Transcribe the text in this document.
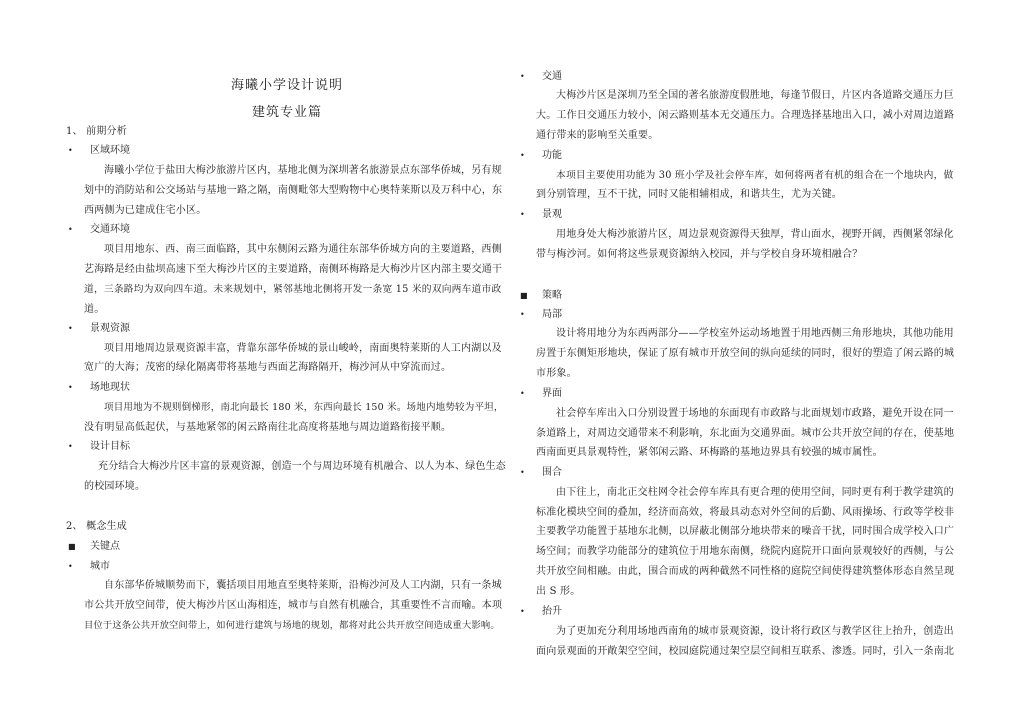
海曦小学设计说明
建筑专业篇
1、 前期分析
• 区域环境
海曦小学位于盐田大梅沙旅游片区内，基地北侧为深圳著名旅游景点东部华侨城，另有规
划中的消防站和公交场站与基地一路之隔，南侧毗邻大型购物中心奥特莱斯以及万科中心，东
西两侧为已建成住宅小区。
• 交通环境
项目用地东、西、南三面临路，其中东侧闲云路为通往东部华侨城方向的主要道路，西侧
艺海路是经由盐坝高速下至大梅沙片区的主要道路，南侧环梅路是大梅沙片区内部主要交通干
道，三条路均为双向四车道。未来规划中，紧邻基地北侧将开发一条宽 15 米的双向两车道市政
道。
• 景观资源
项目用地周边景观资源丰富，背靠东部华侨城的景山峻岭，南面奥特莱斯的人工内湖以及
宽广的大海；茂密的绿化隔离带将基地与西面艺海路隔开，梅沙河从中穿流而过。
• 场地现状
项目用地为不规则倒梯形，南北向最长 180 米，东西向最长 150 米。场地内地势较为平坦，
没有明显高低起伏，与基地紧邻的闲云路南往北高度将基地与周边道路衔接平顺。
• 设计目标
充分结合大梅沙片区丰富的景观资源，创造一个与周边环境有机融合、以人为本、绿色生态
的校园环境。
2、 概念生成
■ 关键点
• 城市
自东部华侨城顺势而下，囊括项目用地直至奥特莱斯，沿梅沙河及人工内湖，只有一条城
市公共开放空间带，使大梅沙片区山海相连，城市与自然有机融合，其重要性不言而喻。本项
目位于这条公共开放空间带上，如何进行建筑与场地的规划，都将对此公共开放空间造成重大影响。
• 交通
大梅沙片区是深圳乃至全国的著名旅游度假胜地，每逢节假日，片区内各道路交通压力巨
大。工作日交通压力较小，闲云路则基本无交通压力。合理选择基地出入口，减小对周边道路
通行带来的影响至关重要。
• 功能
本项目主要使用功能为 30 班小学及社会停车库，如何将两者有机的组合在一个地块内，做
到分别管理，互不干扰，同时又能相辅相成，和谐共生，尤为关键。
• 景观
用地身处大梅沙旅游片区，周边景观资源得天独厚，背山面水，视野开阔，西侧紧邻绿化
带与梅沙河。如何将这些景观资源纳入校园，并与学校自身环境相融合？
■ 策略
• 局部
设计将用地分为东西两部分——学校室外运动场地置于用地西侧三角形地块，其他功能用
房置于东侧矩形地块，保证了原有城市开放空间的纵向延续的同时，很好的塑造了闲云路的城
市形象。
• 界面
社会停车库出入口分别设置于场地的东面现有市政路与北面规划市政路，避免开设在同一
条道路上，对周边交通带来不利影响，东北面为交通界面。城市公共开放空间的存在，使基地
西南面更具景观特性，紧邻闲云路、环梅路的基地边界具有较强的城市属性。
• 围合
由下往上，南北正交柱网令社会停车库具有更合理的使用空间，同时更有利于教学建筑的
标准化模块空间的叠加，经济而高效，将最具动态对外空间的后勤、风雨操场、行政等学校非
主要教学功能置于基地东北侧，以屏蔽北侧部分地块带来的噪音干扰，同时围合成学校入口广
场空间；而教学功能部分的建筑位于用地东南侧，绕院内庭院开口面向景观较好的西侧，与公
共开放空间相融。由此，围合而成的两种截然不同性格的庭院空间使得建筑整体形态自然呈现
出 S 形。
• 抬升
为了更加充分利用场地西南角的城市景观资源，设计将行政区与教学区往上抬升，创造出
面向景观面的开敞架空空间，校园庭院通过架空层空间相互联系、渗透。同时，引入一条南北
